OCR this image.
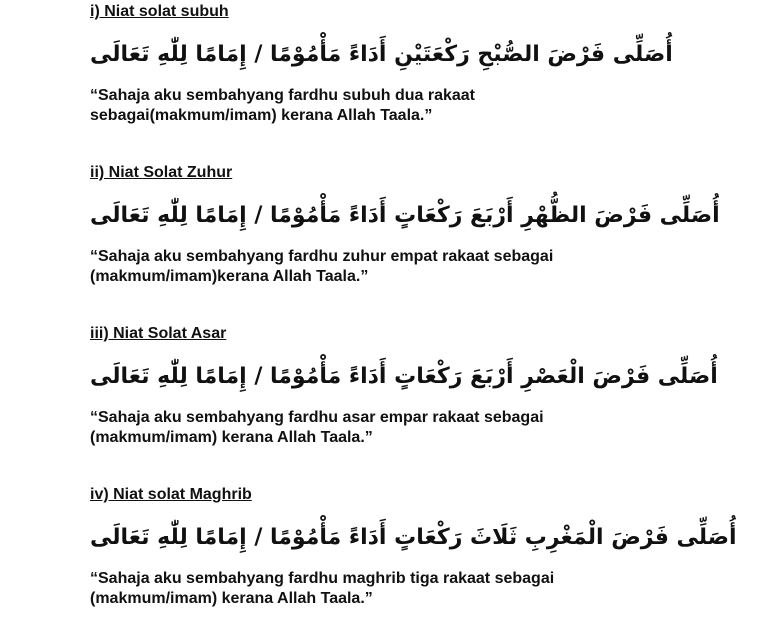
i) Niat solat subuh
أُصَلِّى فَرْضَ الصُّبْحِ رَكْعَتَيْنِ أَدَاءً مَأْمُوْمًا / إِمَامًا لِلّٰهِ تَعَالَى
“Sahaja aku sembahyang fardhu subuh dua rakaat sebagai(makmum/imam) kerana Allah Taala.”
ii) Niat Solat Zuhur
أُصَلِّى فَرْضَ الظُّهْرِ أَرْبَعَ رَكْعَاتٍ أَدَاءً مَأْمُوْمًا / إِمَامًا لِلّٰهِ تَعَالَى
“Sahaja aku sembahyang fardhu zuhur empat rakaat sebagai (makmum/imam)kerana Allah Taala.”
iii) Niat Solat Asar
أُصَلِّى فَرْضَ الْعَصْرِ أَرْبَعَ رَكْعَاتٍ أَدَاءً مَأْمُوْمًا / إِمَامًا لِلّٰهِ تَعَالَى
“Sahaja aku sembahyang fardhu asar empar rakaat sebagai (makmum/imam) kerana Allah Taala.”
iv) Niat solat Maghrib
أُصَلِّى فَرْضَ الْمَغْرِبِ ثَلَاثَ رَكْعَاتٍ أَدَاءً مَأْمُوْمًا / إِمَامًا لِلّٰهِ تَعَالَى
“Sahaja aku sembahyang fardhu maghrib tiga rakaat sebagai (makmum/imam) kerana Allah Taala.”
